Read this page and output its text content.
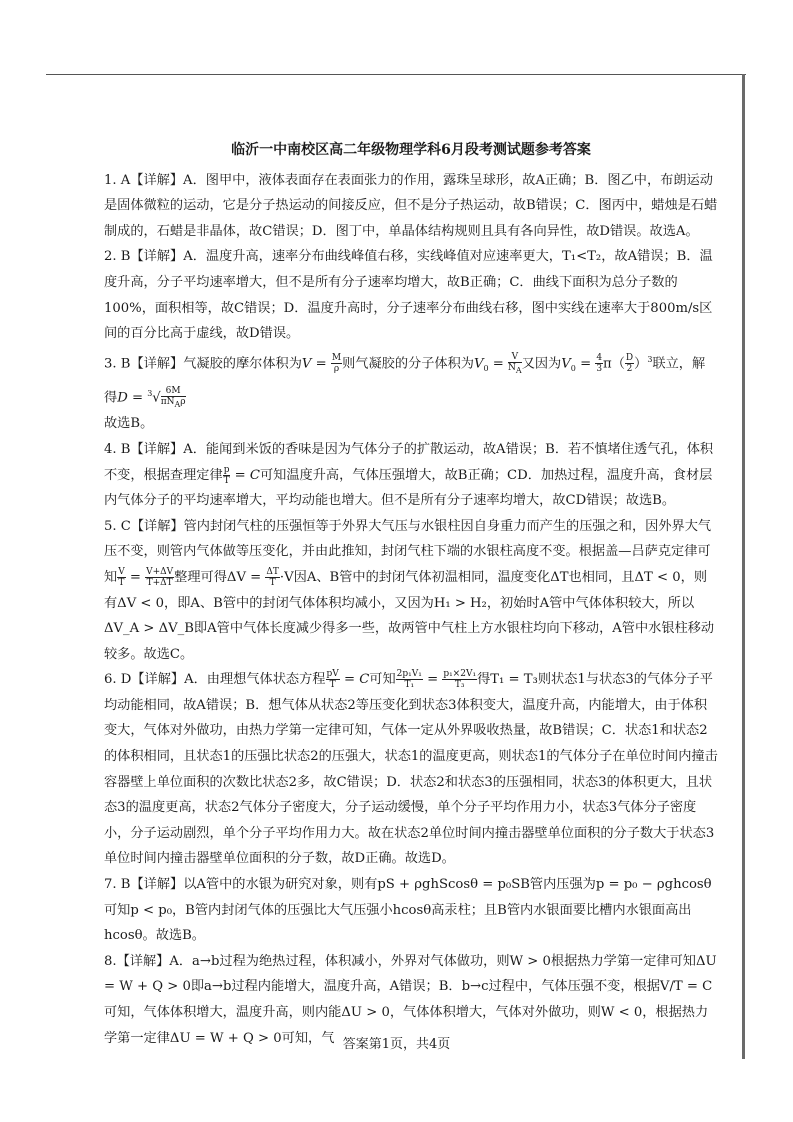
临沂一中南校区高二年级物理学科6月段考测试题参考答案

1. A【详解】A．图甲中，液体表面存在表面张力的作用，露珠呈球形，故A正确；B．图乙中，布朗运动是固体微粒的运动，它是分子热运动的间接反应，但不是分子热运动，故B错误；C．图丙中，蜡烛是石蜡制成的，石蜡是非晶体，故C错误；D．图丁中，单晶体结构规则且具有各向异性，故D错误。故选A。

2. B【详解】A．温度升高，速率分布曲线峰值右移，实线峰值对应速率更大，T₁<T₂，故A错误；B．温度升高，分子平均速率增大，但不是所有分子速率均增大，故B正确；C．曲线下面积为总分子数的100%，面积相等，故C错误；D．温度升高时，分子速率分布曲线右移，图中实线在速率大于800m/s区间的百分比高于虚线，故D错误。

3. B【详解】气凝胶的摩尔体积为$V = \frac{M}{\rho}$ 则气凝胶的分子体积为$V_0 = \frac{V}{N_A}$ 又因为$V_0 = \frac{4}{3} \pi( \frac{D}{2} )^3$联立，解得$D = ^3√ \frac{6M}{\pi N_A\rho}$

故选B。

4. B【详解】A．能闻到米饭的香味是因为气体分子的扩散运动，故A错误；B．若不慎堵住透气孔，体积不变，根据查理定律 $\frac{p}{T} = C$可知温度升高，气体压强增大，故B正确；CD．加热过程，温度升高，食材层内气体分子的平均速率增大，平均动能也增大。但不是所有分子速率均增大，故CD错误；故选B。

5. C【详解】管内封闭气柱的压强恒等于外界大气压与水银柱因自身重力而产生的压强之和，因外界大气压不变，则管内气体做等压变化，并由此推知，封闭气柱下端的水银柱高度不变。根据盖—吕萨克定律可知 $\frac{V}{T} = \frac{V+\Delta V}{T+\Delta T}$ 整理可得$\Delta V = \frac{\Delta T}{T} \cdot V$因A、B管中的封闭气体初温相同，温度变化ΔT也相同，且ΔT < 0，则有ΔV < 0，即A、B管中的封闭气体体积均减小，又因为H₁ > H₂，初始时A管中气体体积较大，所以ΔV_A > ΔV_B即A管中气体长度减少得多一些，故两管中气柱上方水银柱均向下移动，A管中水银柱移动较多。故选C。

6. D【详解】A．由理想气体状态方程 $\frac{pV}{T} = C$可知 $\frac{\text{2p₁V₁}}{\text{T₁}} = \frac{\text{p₁×2V₁}}{\text{T₃}}$ 得T₁ = T₃则状态1与状态3的气体分子平均动能相同，故A错误；B．想气体从状态2等压变化到状态3体积变大，温度升高，内能增大，由于体积变大，气体对外做功，由热力学第一定律可知，气体一定从外界吸收热量，故B错误；C．状态1和状态2的体积相同，且状态1的压强比状态2的压强大，状态1的温度更高，则状态1的气体分子在单位时间内撞击容器壁上单位面积的次数比状态2多，故C错误；D．状态2和状态3的压强相同，状态3的体积更大，且状态3的温度更高，状态2气体分子密度大，分子运动缓慢，单个分子平均作用力小，状态3气体分子密度小，分子运动剧烈，单个分子平均作用力大。故在状态2单位时间内撞击器壁单位面积的分子数大于状态3单位时间内撞击器壁单位面积的分子数，故D正确。故选D。

7. B【详解】以A管中的水银为研究对象，则有pS + ρghScosθ = p₀SB管内压强为p = p₀ − ρghcosθ可知p < p₀，B管内封闭气体的压强比大气压强小hcosθ高汞柱；且B管内水银面要比槽内水银面高出hcosθ。故选B。

8.【详解】A．a→b过程为绝热过程，体积减小，外界对气体做功，则W > 0根据热力学第一定律可知ΔU = W + Q > 0即a→b过程内能增大，温度升高，A错误；B．b→c过程中，气体压强不变，根据V/T = C可知，气体体积增大，温度升高，则内能ΔU > 0，气体体积增大，气体对外做功，则W < 0，根据热力学第一定律ΔU = W + Q > 0可知，气 答案第1页，共4页
